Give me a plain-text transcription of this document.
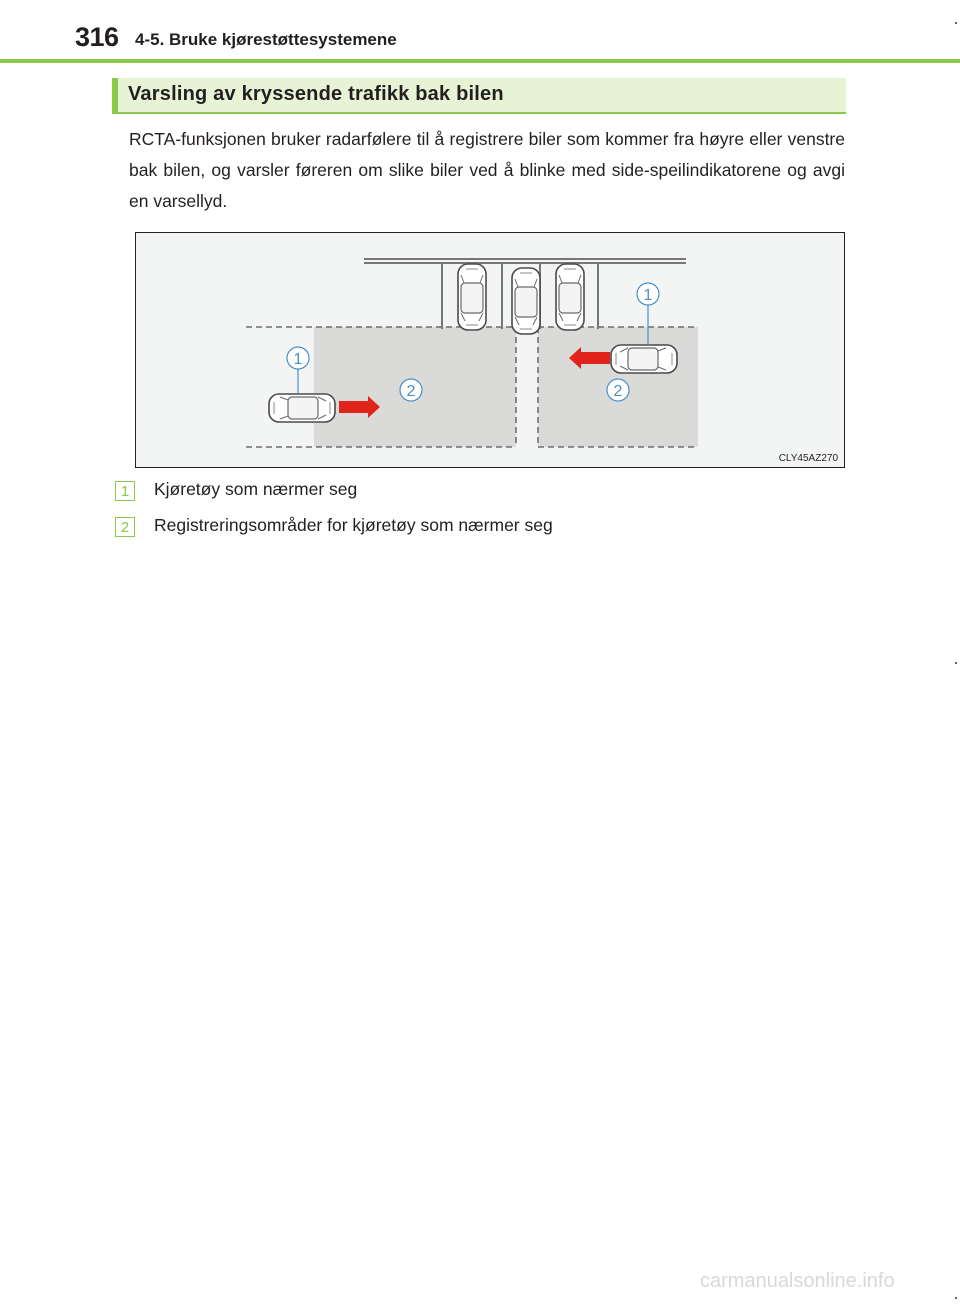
316 4-5. Bruke kjørestøttesystemene
Varsling av kryssende trafikk bak bilen
RCTA-funksjonen bruker radarfølere til å registrere biler som kommer fra høyre eller venstre bak bilen, og varsler føreren om slike biler ved å blinke med side-speilindikatorene og avgi en varsellyd.
1
1
2	2
CLY45AZ270
1	Kjøretøy som nærmer seg
2	Registreringsområder for kjøretøy som nærmer seg
carmanualsonline.info
